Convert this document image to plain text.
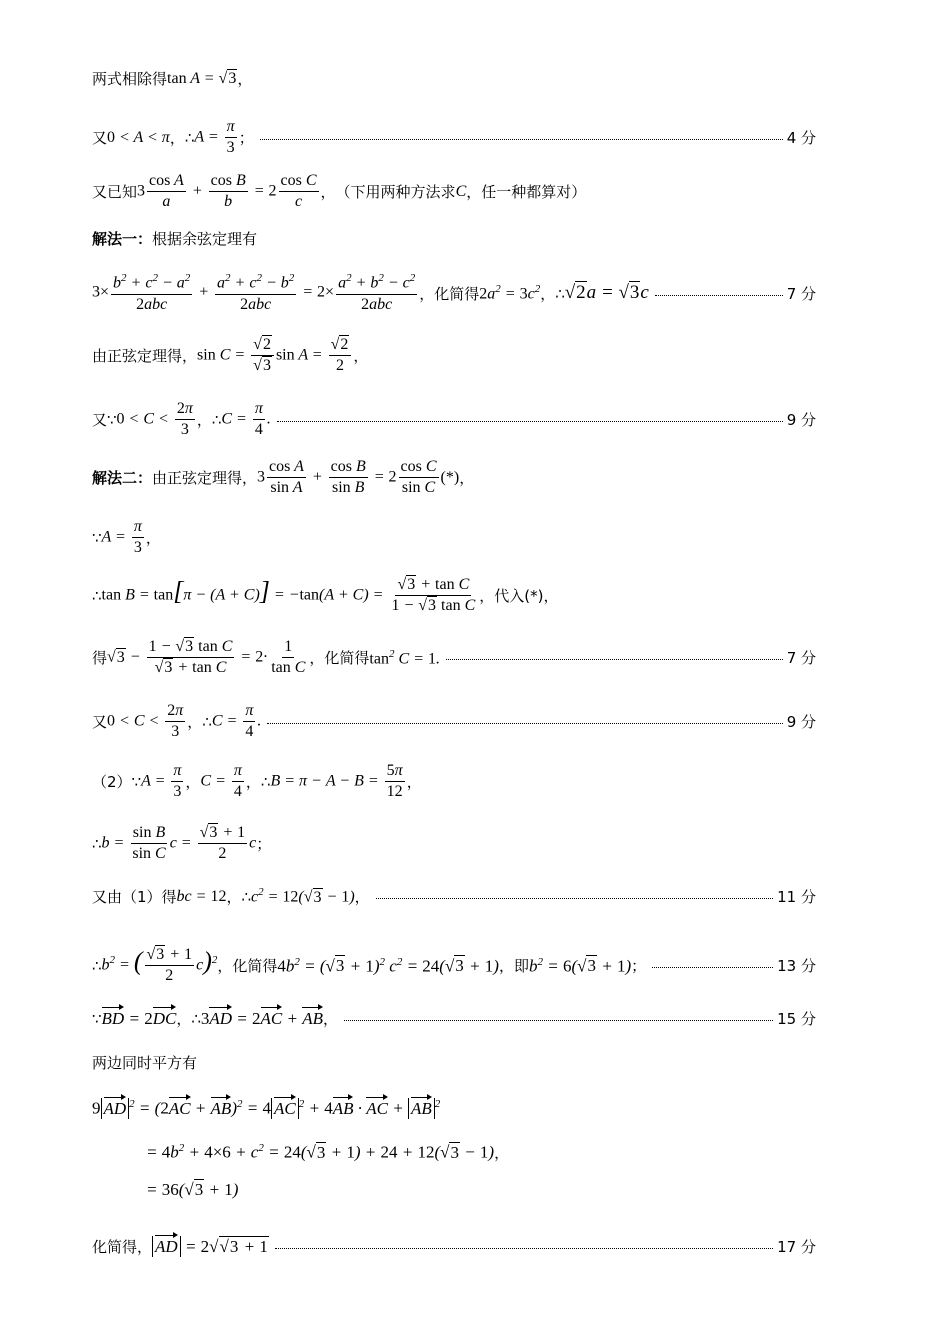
两式相除得 tan A = √3 ，
又 0 < A < π ， ∴ $A = \frac{\pi}{3}$ ；	4 分
又已知 $3 \frac{\text{cos A}}{a} + \frac{\text{cos B}}{b} = 2 \frac{\text{cos C}}{c}$ ， （下用两种方法求 C ，任一种都算对）
解法一： 根据余弦定理有
$3\times \frac{b^2 + c^2 - a^2}{\text{2abc}} + \frac{a^2 + c^2 - b^2}{\text{2abc}} = 2\times \frac{a^2 + b^2 - c^2}{\text{2abc}}$ ，化简得 $2a^2 = 3c^2$ ，∴ √2a = √3c	7 分
由正弦定理得， $\sin C = \frac{√2}{√3}$ $\sin A = \frac{√2}{2}$ ，
又∵ $0 < C < \frac{2\pi}{3}$ ，∴ $C = \frac{\pi}{4}$ .	9 分
解法二： 由正弦定理得， $3 \frac{\text{cos A}}{\text{sin A}} + \frac{\text{cos B}}{\text{sin B}} = 2 \frac{\text{cos C}}{\text{sin C}}$ (*) ，
∵ $A = \frac{\pi}{3}$ ，
∴ $\tan B = \tan[\pi - (A + C)] = -\tan(A + C) = \frac{\text{√3 + tan C}}{\text{1 − √3 tan C}}$ ，代入(*)，
得 $√3 - \frac{\text{1 − √3 tan C}}{\text{√3 + tan C}} = 2\cdot \frac{1}{\text{tan C}}$ ，化简得 $\tan^2 C = 1$.	7 分
又 $0 < C < \frac{2\pi}{3}$ ，∴ $C = \frac{\pi}{4}$ .	9 分
（2）∵ $A = \frac{\pi}{3}$ ， $C = \frac{\pi}{4}$ ，∴ $B = \pi - A - B = \frac{5\pi}{12}$ ，
∴ $b = \frac{\text{sin B}}{\text{sin C}}$ $c = \frac{√3 + 1}{2}$ c ；
又由（1）得 bc = 12 ，∴ $c^2 = 12(√3 - 1)$ ，	11 分
∴ $b^2$ = ( $\frac{√3 + 1}{2} c)^2$ ，化简得 $4b^2 = (√3 + 1)^2$ $c^2 = 24(√3 + 1)$ ，即 $b^2 = 6(√3 + 1)$ ；	13 分
∵ BD = 2DC ，∴ 3AD = 2AC + AB ，	15 分
两边同时平方有
9 AD $^2$ = (2AC + AB)$^2$ = 4 AC $^2$ + 4AB · AC + AB $^2$
= $4b^2 + 4\times 6 + c^2 = 24(√3 + 1) + 24 + 12(√3 - 1)$ ，
= 36(√3 + 1)
化简得， AD = 2√√3 + 1	17 分
